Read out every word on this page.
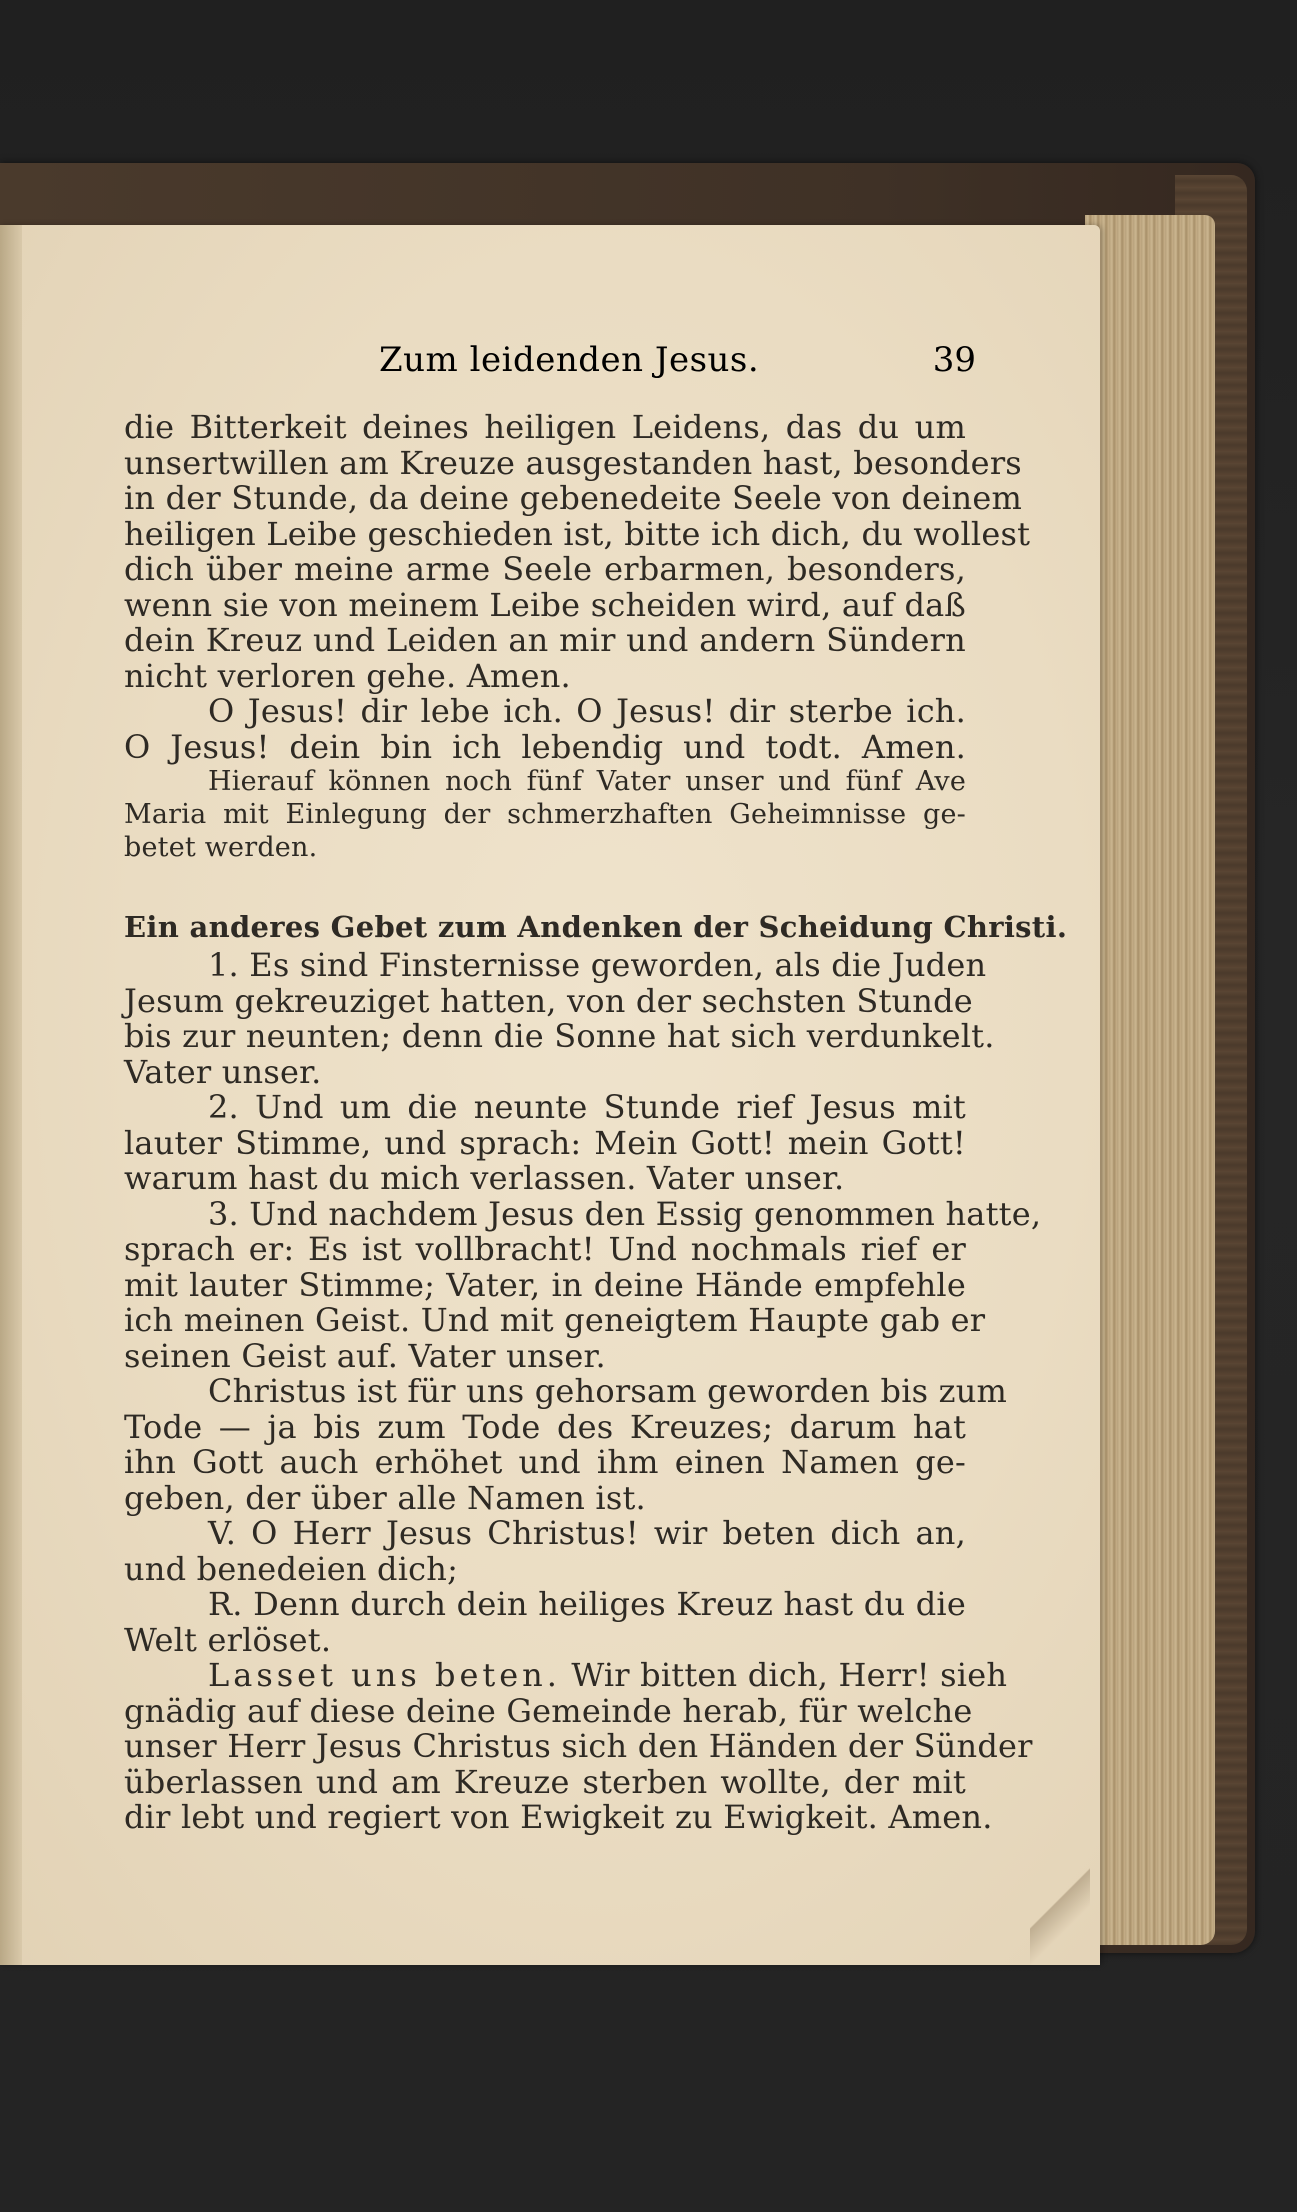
Zum leidenden Jesus.	39
die Bitterkeit deines heiligen Leidens, das du um
unsertwillen am Kreuze ausgestanden hast, besonders
in der Stunde, da deine gebenedeite Seele von deinem
heiligen Leibe geschieden ist, bitte ich dich, du wollest
dich über meine arme Seele erbarmen, besonders,
wenn sie von meinem Leibe scheiden wird, auf daß
dein Kreuz und Leiden an mir und andern Sündern
nicht verloren gehe. Amen.
O Jesus! dir lebe ich. O Jesus! dir sterbe ich.
O Jesus! dein bin ich lebendig und todt. Amen.
Hierauf können noch fünf Vater unser und fünf Ave
Maria mit Einlegung der schmerzhaften Geheimnisse ge-
betet werden.
Ein anderes Gebet zum Andenken der Scheidung Christi.
1. Es sind Finsternisse geworden, als die Juden
Jesum gekreuziget hatten, von der sechsten Stunde
bis zur neunten; denn die Sonne hat sich verdunkelt.
Vater unser.
2. Und um die neunte Stunde rief Jesus mit
lauter Stimme, und sprach: Mein Gott! mein Gott!
warum hast du mich verlassen. Vater unser.
3. Und nachdem Jesus den Essig genommen hatte,
sprach er: Es ist vollbracht! Und nochmals rief er
mit lauter Stimme; Vater, in deine Hände empfehle
ich meinen Geist. Und mit geneigtem Haupte gab er
seinen Geist auf. Vater unser.
Christus ist für uns gehorsam geworden bis zum
Tode — ja bis zum Tode des Kreuzes; darum hat
ihn Gott auch erhöhet und ihm einen Namen ge-
geben, der über alle Namen ist.
V. O Herr Jesus Christus! wir beten dich an,
und benedeien dich;
R. Denn durch dein heiliges Kreuz hast du die
Welt erlöset.
Lasset uns beten. Wir bitten dich, Herr! sieh
gnädig auf diese deine Gemeinde herab, für welche
unser Herr Jesus Christus sich den Händen der Sünder
überlassen und am Kreuze sterben wollte, der mit
dir lebt und regiert von Ewigkeit zu Ewigkeit. Amen.
